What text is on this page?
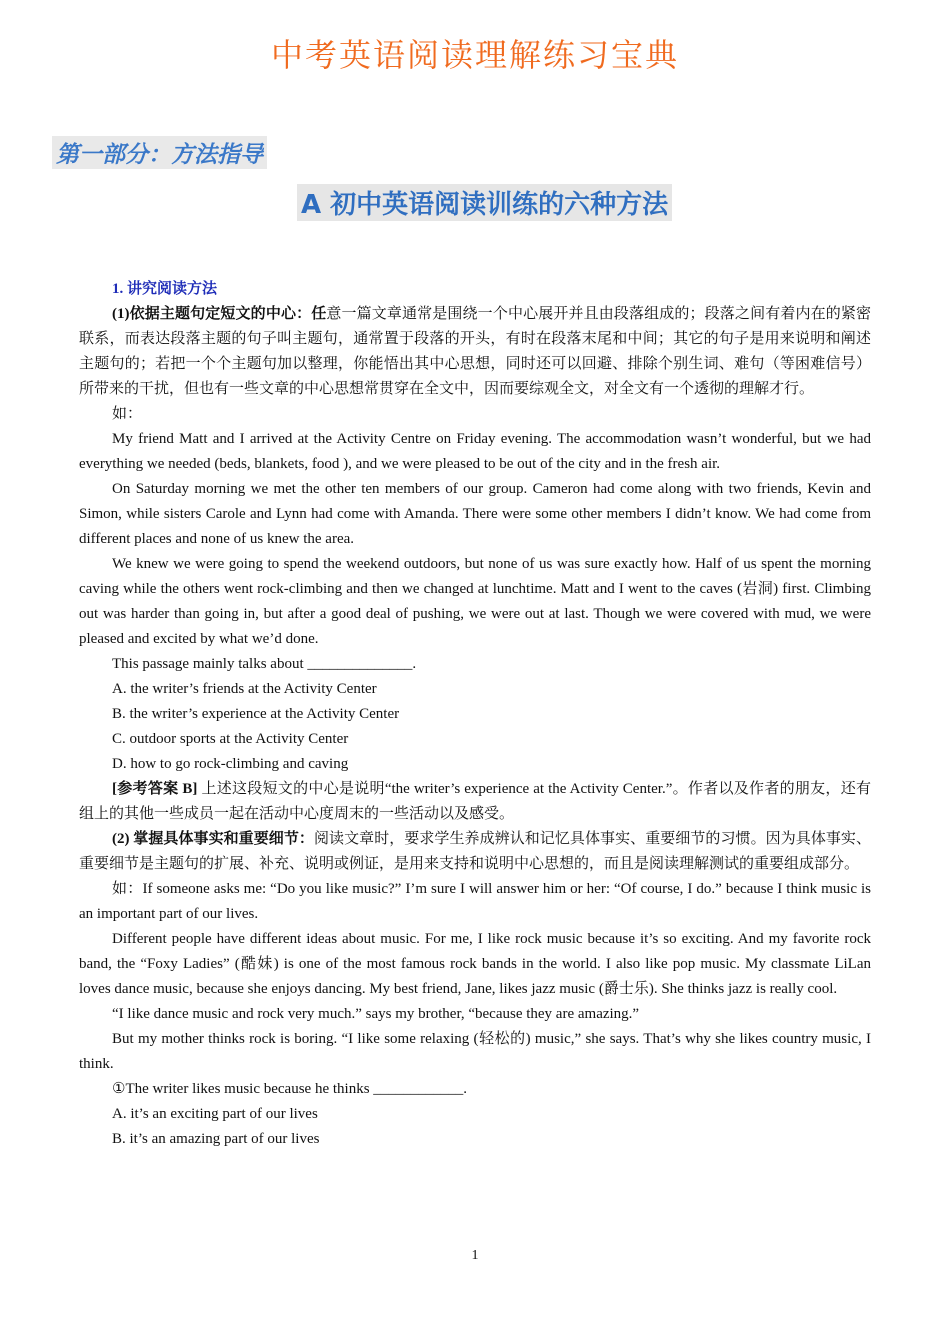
中考英语阅读理解练习宝典
第一部分：方法指导
A 初中英语阅读训练的六种方法

1. 讲究阅读方法

(1)依据主题句定短文的中心：任意一篇文章通常是围绕一个中心展开并且由段落组成的；段落之间有着内在的紧密联系，而表达段落主题的句子叫主题句，通常置于段落的开头，有时在段落末尾和中间；其它的句子是用来说明和阐述主题句的；若把一个个主题句加以整理，你能悟出其中心思想，同时还可以回避、排除个别生词、难句（等困难信号）所带来的干扰，但也有一些文章的中心思想常贯穿在全文中，因而要综观全文，对全文有一个透彻的理解才行。

如：

My friend Matt and I arrived at the Activity Centre on Friday evening. The accommodation wasn’t wonderful, but we had everything we needed (beds, blankets, food ), and we were pleased to be out of the city and in the fresh air.

On Saturday morning we met the other ten members of our group. Cameron had come along with two friends, Kevin and Simon, while sisters Carole and Lynn had come with Amanda. There were some other members I didn’t know. We had come from different places and none of us knew the area.

We knew we were going to spend the weekend outdoors, but none of us was sure exactly how. Half of us spent the morning caving while the others went rock-climbing and then we changed at lunchtime. Matt and I went to the caves (岩洞) first. Climbing out was harder than going in, but after a good deal of pushing, we were out at last. Though we were covered with mud, we were pleased and excited by what we’d done.

This passage mainly talks about ______________.

A. the writer’s friends at the Activity Center

B. the writer’s experience at the Activity Center

C. outdoor sports at the Activity Center

D. how to go rock-climbing and caving

[参考答案 B] 上述这段短文的中心是说明“the writer’s experience at the Activity Center.”。作者以及作者的朋友，还有组上的其他一些成员一起在活动中心度周末的一些活动以及感受。

(2) 掌握具体事实和重要细节：阅读文章时，要求学生养成辨认和记忆具体事实、重要细节的习惯。因为具体事实、重要细节是主题句的扩展、补充、说明或例证，是用来支持和说明中心思想的，而且是阅读理解测试的重要组成部分。

如：If someone asks me: “Do you like music?” I’m sure I will answer him or her: “Of course, I do.” because I think music is an important part of our lives.

Different people have different ideas about music. For me, I like rock music because it’s so exciting. And my favorite rock band, the “Foxy Ladies” (酷妹) is one of the most famous rock bands in the world. I also like pop music. My classmate LiLan loves dance music, because she enjoys dancing. My best friend, Jane, likes jazz music (爵士乐). She thinks jazz is really cool.

“I like dance music and rock very much.” says my brother, “because they are amazing.”

But my mother thinks rock is boring. “I like some relaxing (轻松的) music,” she says. That’s why she likes country music, I think.

①The writer likes music because he thinks ____________.

A. it’s an exciting part of our lives

B. it’s an amazing part of our lives

1
